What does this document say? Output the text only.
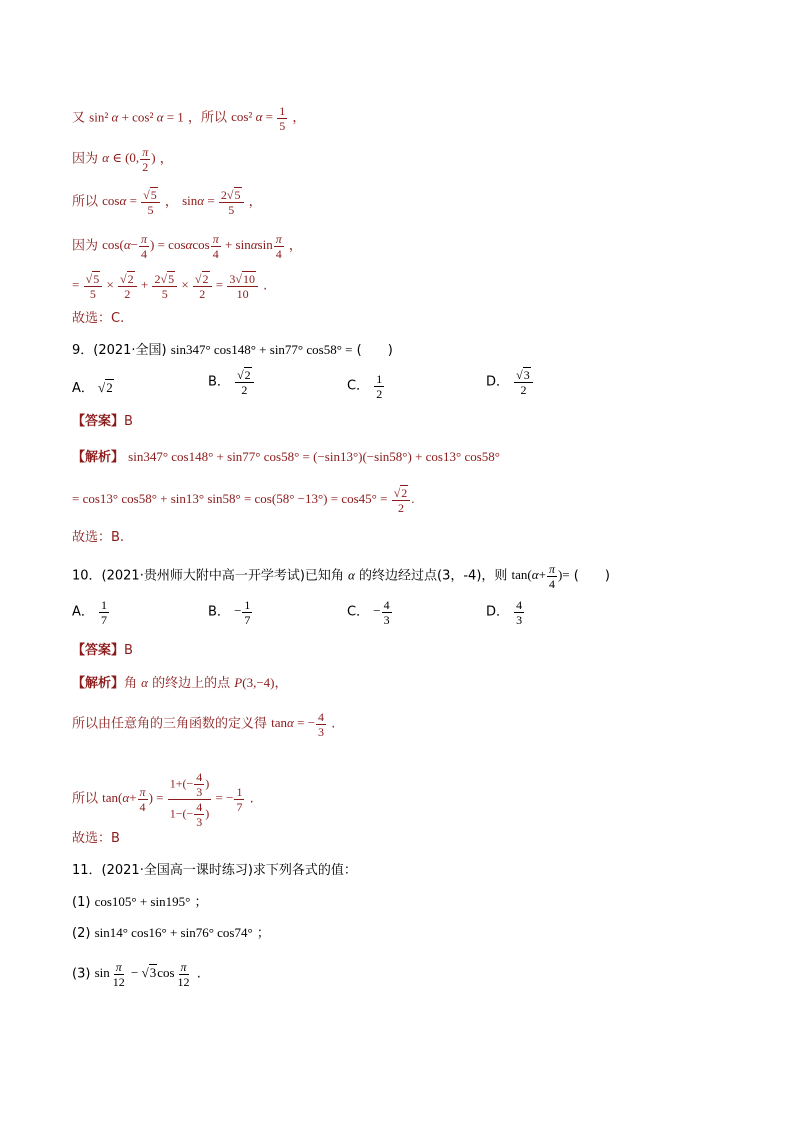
又 sin² α + cos² α = 1 ，所以 cos² $\alpha = \frac{1}{5}$ ，
因为 α ∈ (0, $\frac{\pi}{2}$ ) ，
所以 $\cos\alpha = \frac{√5}{5}$ ， $\sin\alpha = \frac{2√5}{5}$ ，
因为 $\cos(\alpha- \frac{\pi}{4}$ ) = cosαcos $\frac{\pi}{4} + \sin\alpha\sin \frac{\pi}{4}$ ，
= $\frac{√5}{5} \times \frac{√2}{2} + \frac{2√5}{5} \times \frac{√2}{2} = \frac{3√10}{10}$ .
故选：C.
9．(2021·全国) sin347° cos148° + sin77° cos58° = (　　)
A． √2	B． $\frac{√2}{2}$	C． $\frac{1}{2}$	D． $\frac{√3}{2}$
【答案】B
【解析】 sin347° cos148° + sin77° cos58° = (−sin13°)(−sin58°) + cos13° cos58°
= cos13° cos58° + sin13° $\sin 58^\circ = \cos(58^\circ -13^\circ) = \cos 45^\circ = \frac{√2}{2}$ .
故选：B.
10．(2021·贵州师大附中高一开学考试)已知角 α 的终边经过点(3，-4)，则 $\tan(\alpha+ \frac{\pi}{4}$ )= (　　)
A． $\frac{1}{7}$	B． − $\frac{1}{7}$	C． − $\frac{4}{3}$	D． $\frac{4}{3}$
【答案】B
【解析】角 α 的终边上的点 P(3,−4)，
所以由任意角的三角函数的定义得 tanα = − $\frac{4}{3}$ .
所以 $\tan(\alpha+ \frac{\pi}{4}$ ) = $\frac{1+(- \frac{4}{3} )}{1-(- \frac{4}{3} )}$ = − $\frac{1}{7}$ .
故选：B
11．(2021·全国高一课时练习)求下列各式的值：
(1) cos105° + sin195° ；
(2) sin14° cos16° + sin76° cos74° ；
(3) $\sin \frac{\pi}{12} - √3\cos \frac{\pi}{12}$ .
